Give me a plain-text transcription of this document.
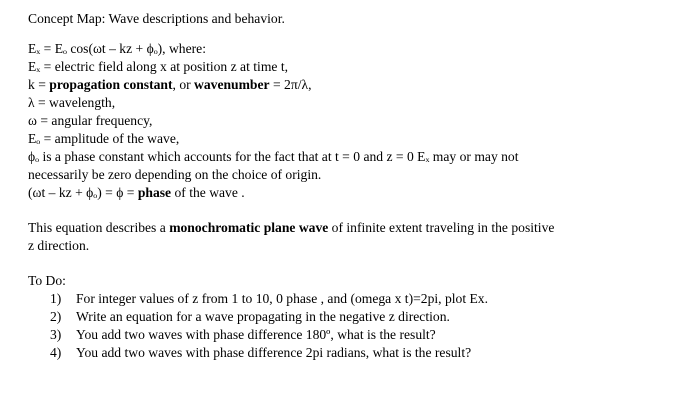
Concept Map: Wave descriptions and behavior.
Eₓ = Eₒ cos(ωt – kz + ϕₒ), where:
Eₓ = electric field along x at position z at time t,
k = propagation constant, or wavenumber = 2π/λ,
λ = wavelength,
ω = angular frequency,
Eₒ = amplitude of the wave,
ϕₒ is a phase constant which accounts for the fact that at t = 0 and z = 0 Eₓ may or may not
necessarily be zero depending on the choice of origin.
(ωt – kz + ϕₒ) = ϕ = phase of the wave .
This equation describes a monochromatic plane wave of infinite extent traveling in the positive
z direction.
To Do:
1)	For integer values of z from 1 to 10, 0 phase , and (omega x t)=2pi, plot Ex.
2)	Write an equation for a wave propagating in the negative z direction.
3)	You add two waves with phase difference 180º, what is the result?
4)	You add two waves with phase difference 2pi radians, what is the result?
